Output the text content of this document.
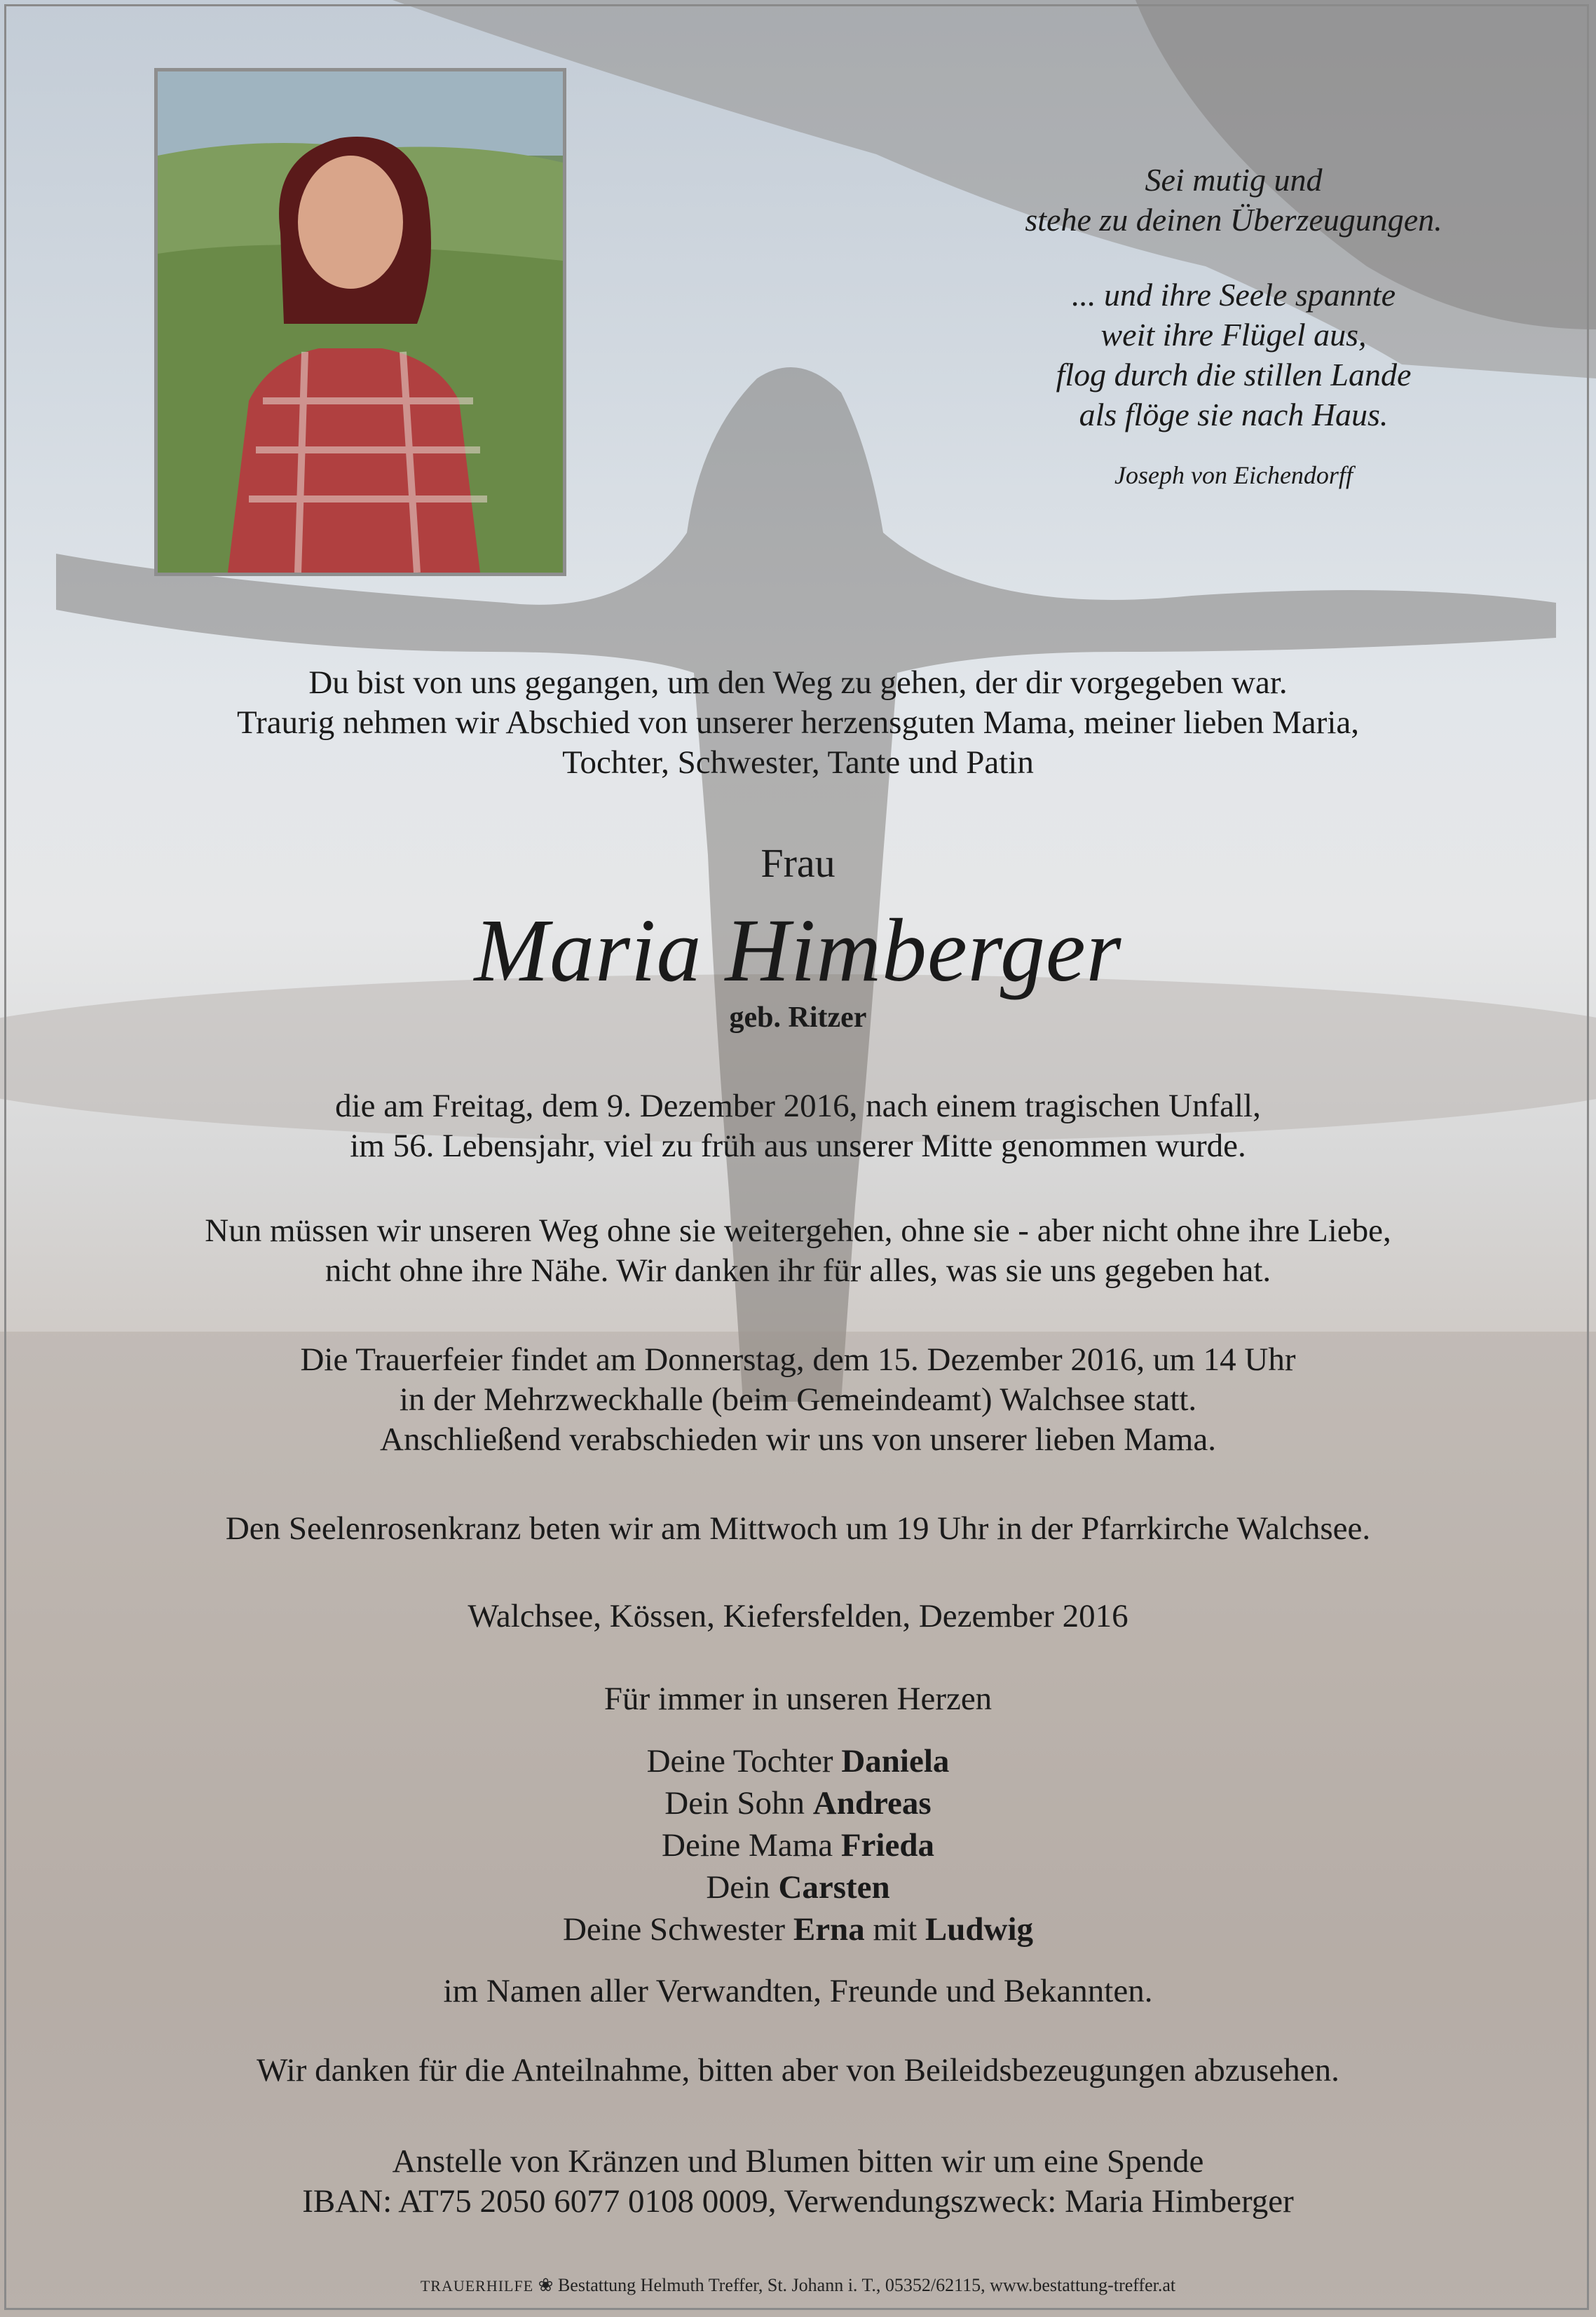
Sei mutig und

stehe zu deinen Überzeugungen.

... und ihre Seele spannte

weit ihre Flügel aus,

flog durch die stillen Lande

als flöge sie nach Haus.

Joseph von Eichendorff

Du bist von uns gegangen, um den Weg zu gehen, der dir vorgegeben war.

Traurig nehmen wir Abschied von unserer herzensguten Mama, meiner lieben Maria,

Tochter, Schwester, Tante und Patin

Frau
Maria Himberger
geb. Ritzer

die am Freitag, dem 9. Dezember 2016, nach einem tragischen Unfall,

im 56. Lebensjahr, viel zu früh aus unserer Mitte genommen wurde.

Nun müssen wir unseren Weg ohne sie weitergehen, ohne sie - aber nicht ohne ihre Liebe,

nicht ohne ihre Nähe. Wir danken ihr für alles, was sie uns gegeben hat.

Die Trauerfeier findet am Donnerstag, dem 15. Dezember 2016, um 14 Uhr

in der Mehrzweckhalle (beim Gemeindeamt) Walchsee statt.

Anschließend verabschieden wir uns von unserer lieben Mama.

Den Seelenrosenkranz beten wir am Mittwoch um 19 Uhr in der Pfarrkirche Walchsee.
Walchsee, Kössen, Kiefersfelden, Dezember 2016
Für immer in unseren Herzen

Deine Tochter Daniela

Dein Sohn Andreas

Deine Mama Frieda

Dein Carsten

Deine Schwester Erna mit Ludwig

im Namen aller Verwandten, Freunde und Bekannten.
Wir danken für die Anteilnahme, bitten aber von Beileidsbezeugungen abzusehen.

Anstelle von Kränzen und Blumen bitten wir um eine Spende

IBAN: AT75 2050 6077 0108 0009, Verwendungszweck: Maria Himberger

TRAUERHILFE ❀ Bestattung Helmuth Treffer, St. Johann i. T., 05352/62115, www.bestattung-treffer.at
